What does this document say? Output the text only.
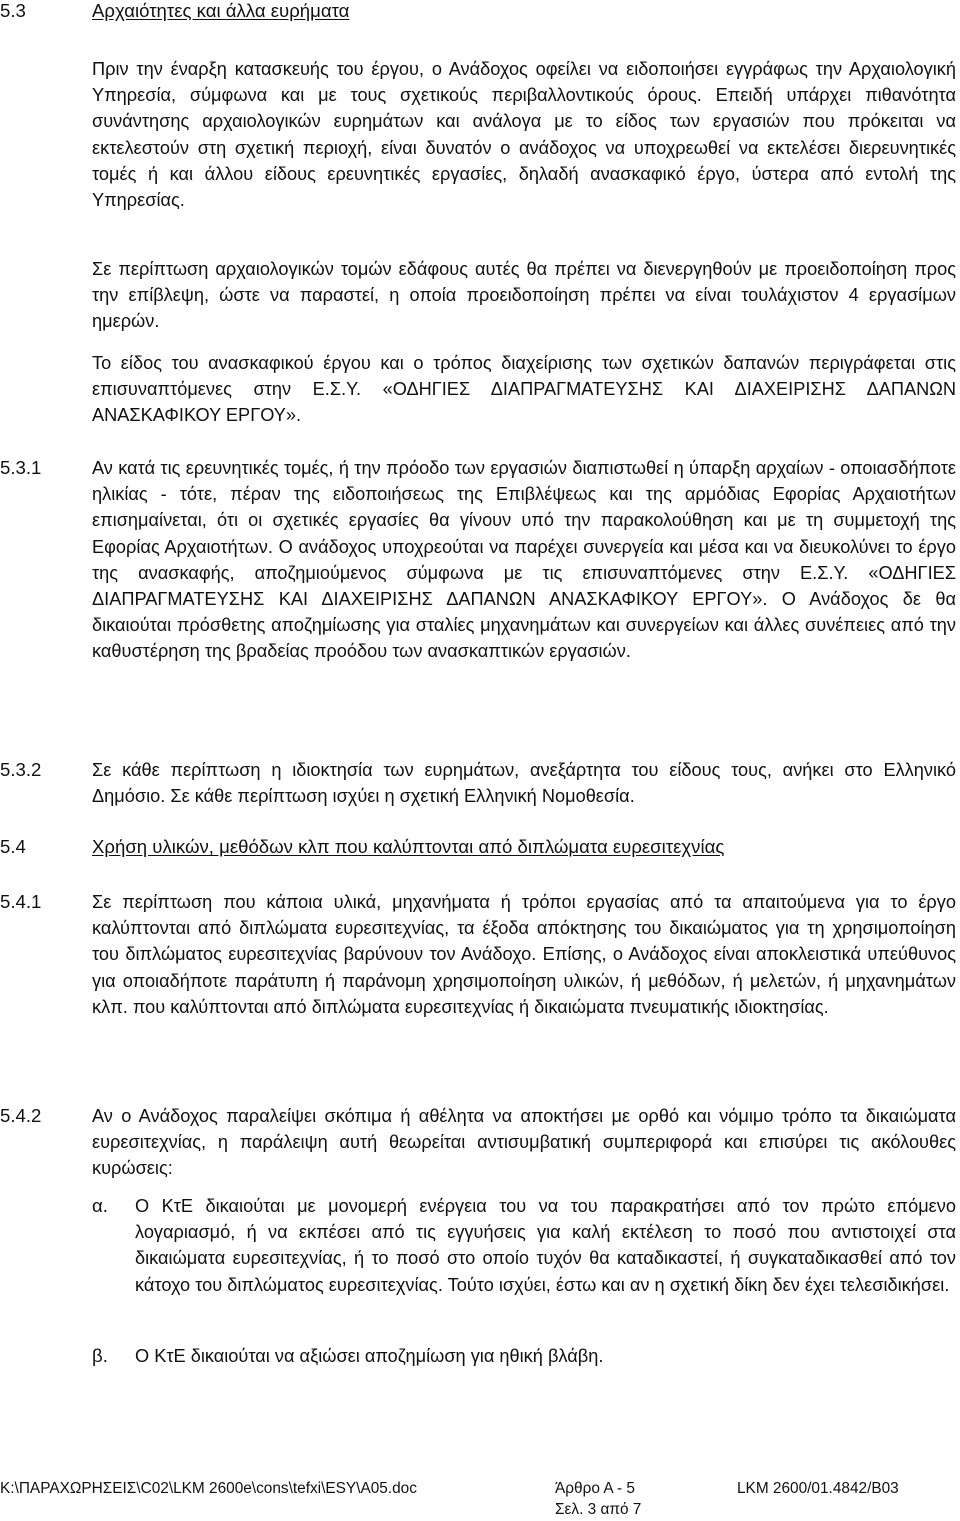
5.3	Αρχαιότητες και άλλα ευρήματα

Πριν την έναρξη κατασκευής του έργου, ο Ανάδοχος οφείλει να ειδοποιήσει εγγράφως την Αρχαιολογική Υπηρεσία, σύμφωνα και με τους σχετικούς περιβαλλοντικούς όρους. Επειδή υπάρχει πιθανότητα συνάντησης αρχαιολογικών ευρημάτων και ανάλογα με το είδος των εργασιών που πρόκειται να εκτελεστούν στη σχετική περιοχή, είναι δυνατόν ο ανάδοχος να υποχρεωθεί να εκτελέσει διερευνητικές τομές ή και άλλου είδους ερευνητικές εργασίες, δηλαδή ανασκαφικό έργο, ύστερα από εντολή της Υπηρεσίας.

Σε περίπτωση αρχαιολογικών τομών εδάφους αυτές θα πρέπει να διενεργηθούν με προειδοποίηση προς την επίβλεψη, ώστε να παραστεί, η οποία προειδοποίηση πρέπει να είναι τουλάχιστον 4 εργασίμων ημερών.

Το είδος του ανασκαφικού έργου και ο τρόπος διαχείρισης των σχετικών δαπανών περιγράφεται στις επισυναπτόμενες στην Ε.Σ.Υ. «ΟΔΗΓΙΕΣ ΔΙΑΠΡΑΓΜΑΤΕΥΣΗΣ ΚΑΙ ΔΙΑΧΕΙΡΙΣΗΣ ΔΑΠΑΝΩΝ ΑΝΑΣΚΑΦΙΚΟΥ ΕΡΓΟΥ».

5.3.1	Αν κατά τις ερευνητικές τομές, ή την πρόοδο των εργασιών διαπιστωθεί η ύπαρξη αρχαίων - οποιασδήποτε ηλικίας - τότε, πέραν της ειδοποιήσεως της Επιβλέψεως και της αρμόδιας Εφορίας Αρχαιοτήτων επισημαίνεται, ότι οι σχετικές εργασίες θα γίνουν υπό την παρακολούθηση και με τη συμμετοχή της Εφορίας Αρχαιοτήτων. Ο ανάδοχος υποχρεούται να παρέχει συνεργεία και μέσα και να διευκολύνει το έργο της ανασκαφής, αποζημιούμενος σύμφωνα με τις επισυναπτόμενες στην Ε.Σ.Υ. «ΟΔΗΓΙΕΣ ΔΙΑΠΡΑΓΜΑΤΕΥΣΗΣ ΚΑΙ ΔΙΑΧΕΙΡΙΣΗΣ ΔΑΠΑΝΩΝ ΑΝΑΣΚΑΦΙΚΟΥ ΕΡΓΟΥ». Ο Ανάδοχος δε θα δικαιούται πρόσθετης αποζημίωσης για σταλίες μηχανημάτων και συνεργείων και άλλες συνέπειες από την καθυστέρηση της βραδείας προόδου των ανασκαπτικών εργασιών.

5.3.2	Σε κάθε περίπτωση η ιδιοκτησία των ευρημάτων, ανεξάρτητα του είδους τους, ανήκει στο Ελληνικό Δημόσιο. Σε κάθε περίπτωση ισχύει η σχετική Ελληνική Νομοθεσία.

5.4	Χρήση υλικών, μεθόδων κλπ που καλύπτονται από διπλώματα ευρεσιτεχνίας
5.4.1	Σε περίπτωση που κάποια υλικά, μηχανήματα ή τρόποι εργασίας από τα απαιτούμενα για το έργο καλύπτονται από διπλώματα ευρεσιτεχνίας, τα έξοδα απόκτησης του δικαιώματος για τη χρησιμοποίηση του διπλώματος ευρεσιτεχνίας βαρύνουν τον Ανάδοχο. Επίσης, ο Ανάδοχος είναι αποκλειστικά υπεύθυνος για οποιαδήποτε παράτυπη ή παράνομη χρησιμοποίηση υλικών, ή μεθόδων, ή μελετών, ή μηχανημάτων κλπ. που καλύπτονται από διπλώματα ευρεσιτεχνίας ή δικαιώματα πνευματικής ιδιοκτησίας.

5.4.2	Αν ο Ανάδοχος παραλείψει σκόπιμα ή αθέλητα να αποκτήσει με ορθό και νόμιμο τρόπο τα δικαιώματα ευρεσιτεχνίας, η παράλειψη αυτή θεωρείται αντισυμβατική συμπεριφορά και επισύρει τις ακόλουθες κυρώσεις:

α. Ο ΚτΕ δικαιούται με μονομερή ενέργεια του να του παρακρατήσει από τον πρώτο επόμενο λογαριασμό, ή να εκπέσει από τις εγγυήσεις για καλή εκτέλεση το ποσό που αντιστοιχεί στα δικαιώματα ευρεσιτεχνίας, ή το ποσό στο οποίο τυχόν θα καταδικαστεί, ή συγκαταδικασθεί από τον κάτοχο του διπλώματος ευρεσιτεχνίας. Τούτο ισχύει, έστω και αν η σχετική δίκη δεν έχει τελεσιδικήσει.

β. Ο ΚτΕ δικαιούται να αξιώσει αποζημίωση για ηθική βλάβη.

K:\ΠΑΡΑΧΩΡΗΣΕΙΣ\C02\LKM 2600e\cons\tefxi\ESY\A05.doc	Άρθρο Α - 5
Σελ. 3 από 7
LKM 2600/01.4842/B03
